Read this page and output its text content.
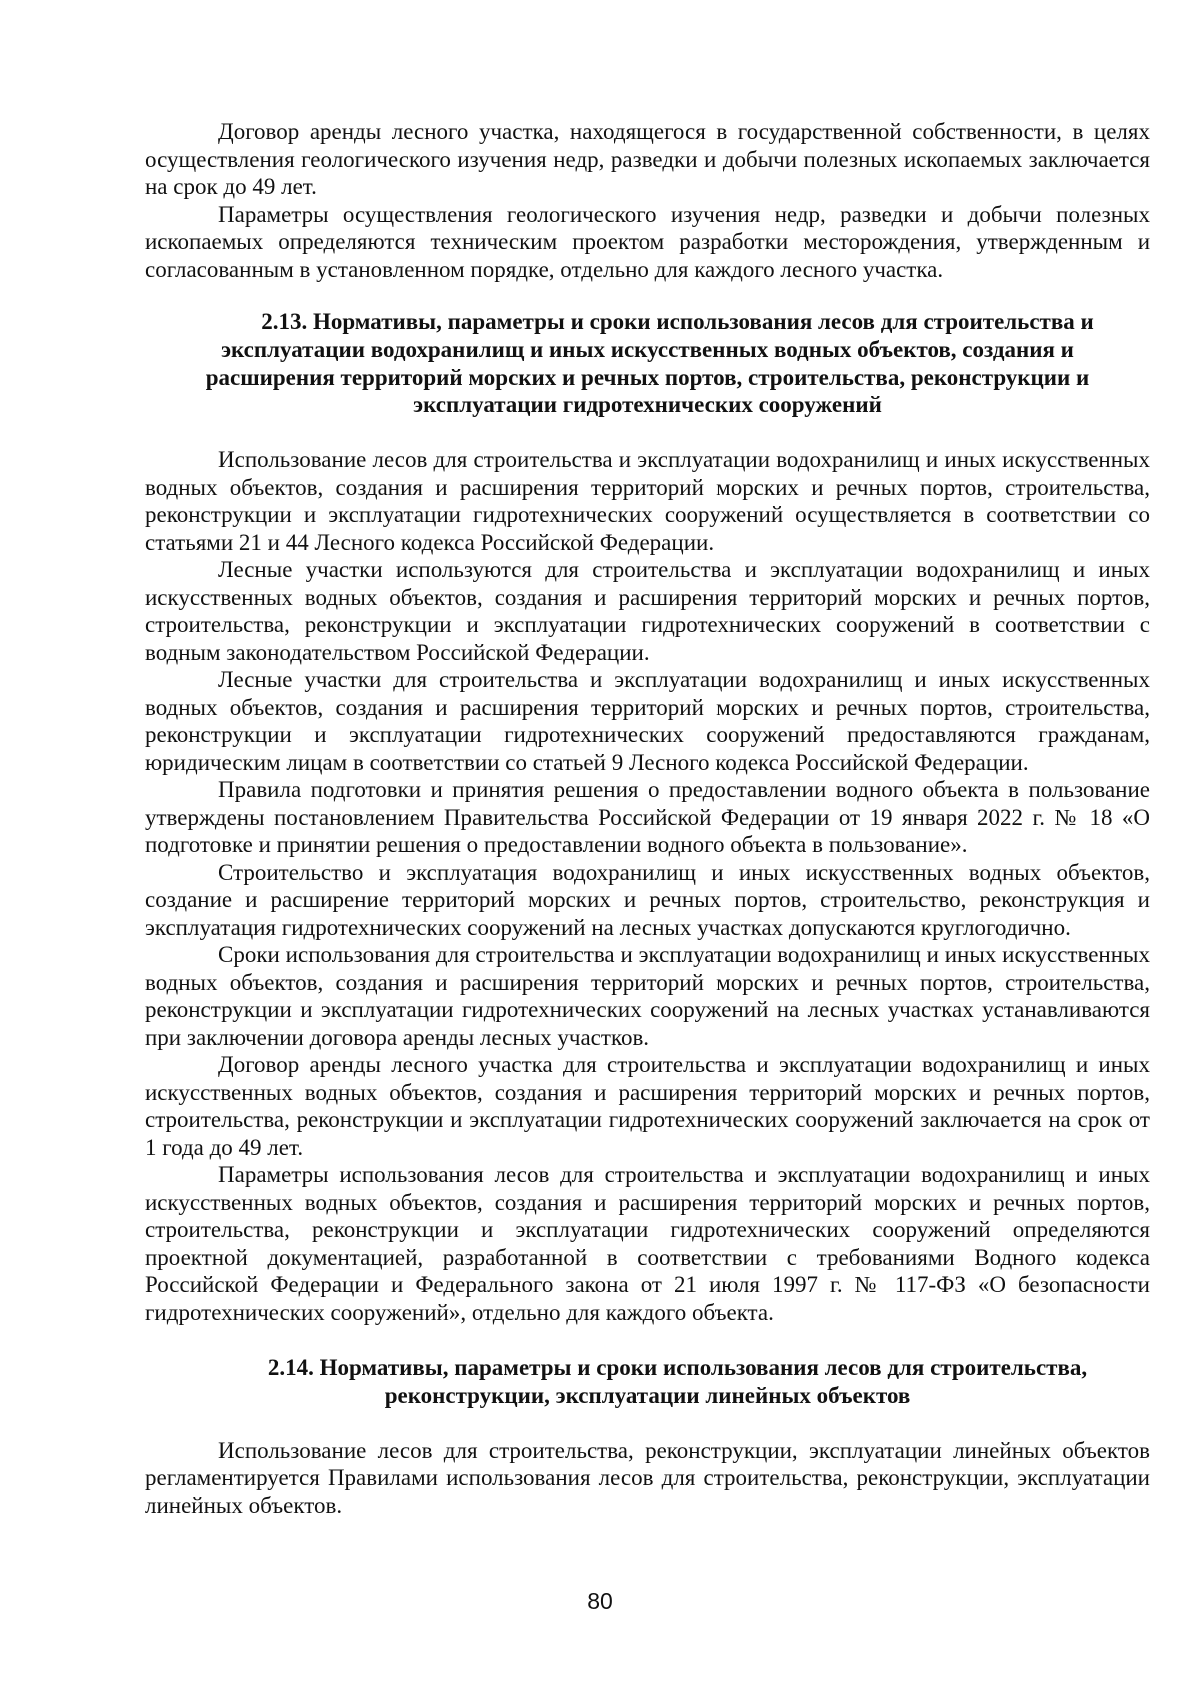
Договор аренды лесного участка, находящегося в государственной собственности, в целях осуществления геологического изучения недр, разведки и добычи полезных ископаемых заключается на срок до 49 лет.

Параметры осуществления геологического изучения недр, разведки и добычи полезных ископаемых определяются техническим проектом разработки месторождения, утвержденным и согласованным в установленном порядке, отдельно для каждого лесного участка.

2.13. Нормативы, параметры и сроки использования лесов для строительства и эксплуатации водохранилищ и иных искусственных водных объектов, создания и расширения территорий морских и речных портов, строительства, реконструкции и эксплуатации гидротехнических сооружений

Использование лесов для строительства и эксплуатации водохранилищ и иных искусственных водных объектов, создания и расширения территорий морских и речных портов, строительства, реконструкции и эксплуатации гидротехнических сооружений осуществляется в соответствии со статьями 21 и 44 Лесного кодекса Российской Федерации.

Лесные участки используются для строительства и эксплуатации водохранилищ и иных искусственных водных объектов, создания и расширения территорий морских и речных портов, строительства, реконструкции и эксплуатации гидротехнических сооружений в соответствии с водным законодательством Российской Федерации.

Лесные участки для строительства и эксплуатации водохранилищ и иных искусственных водных объектов, создания и расширения территорий морских и речных портов, строительства, реконструкции и эксплуатации гидротехнических сооружений предоставляются гражданам, юридическим лицам в соответствии со статьей 9 Лесного кодекса Российской Федерации.

Правила подготовки и принятия решения о предоставлении водного объекта в пользование утверждены постановлением Правительства Российской Федерации от 19 января 2022 г. № 18 «О подготовке и принятии решения о предоставлении водного объекта в пользование».

Строительство и эксплуатация водохранилищ и иных искусственных водных объектов, создание и расширение территорий морских и речных портов, строительство, реконструкция и эксплуатация гидротехнических сооружений на лесных участках допускаются круглогодично.

Сроки использования для строительства и эксплуатации водохранилищ и иных искусственных водных объектов, создания и расширения территорий морских и речных портов, строительства, реконструкции и эксплуатации гидротехнических сооружений на лесных участках устанавливаются при заключении договора аренды лесных участков.

Договор аренды лесного участка для строительства и эксплуатации водохранилищ и иных искусственных водных объектов, создания и расширения территорий морских и речных портов, строительства, реконструкции и эксплуатации гидротехнических сооружений заключается на срок от 1 года до 49 лет.

Параметры использования лесов для строительства и эксплуатации водохранилищ и иных искусственных водных объектов, создания и расширения территорий морских и речных портов, строительства, реконструкции и эксплуатации гидротехнических сооружений определяются проектной документацией, разработанной в соответствии с требованиями Водного кодекса Российской Федерации и Федерального закона от 21 июля 1997 г. № 117-ФЗ «О безопасности гидротехнических сооружений», отдельно для каждого объекта.

2.14. Нормативы, параметры и сроки использования лесов для строительства, реконструкции, эксплуатации линейных объектов

Использование лесов для строительства, реконструкции, эксплуатации линейных объектов регламентируется Правилами использования лесов для строительства, реконструкции, эксплуатации линейных объектов.

80
